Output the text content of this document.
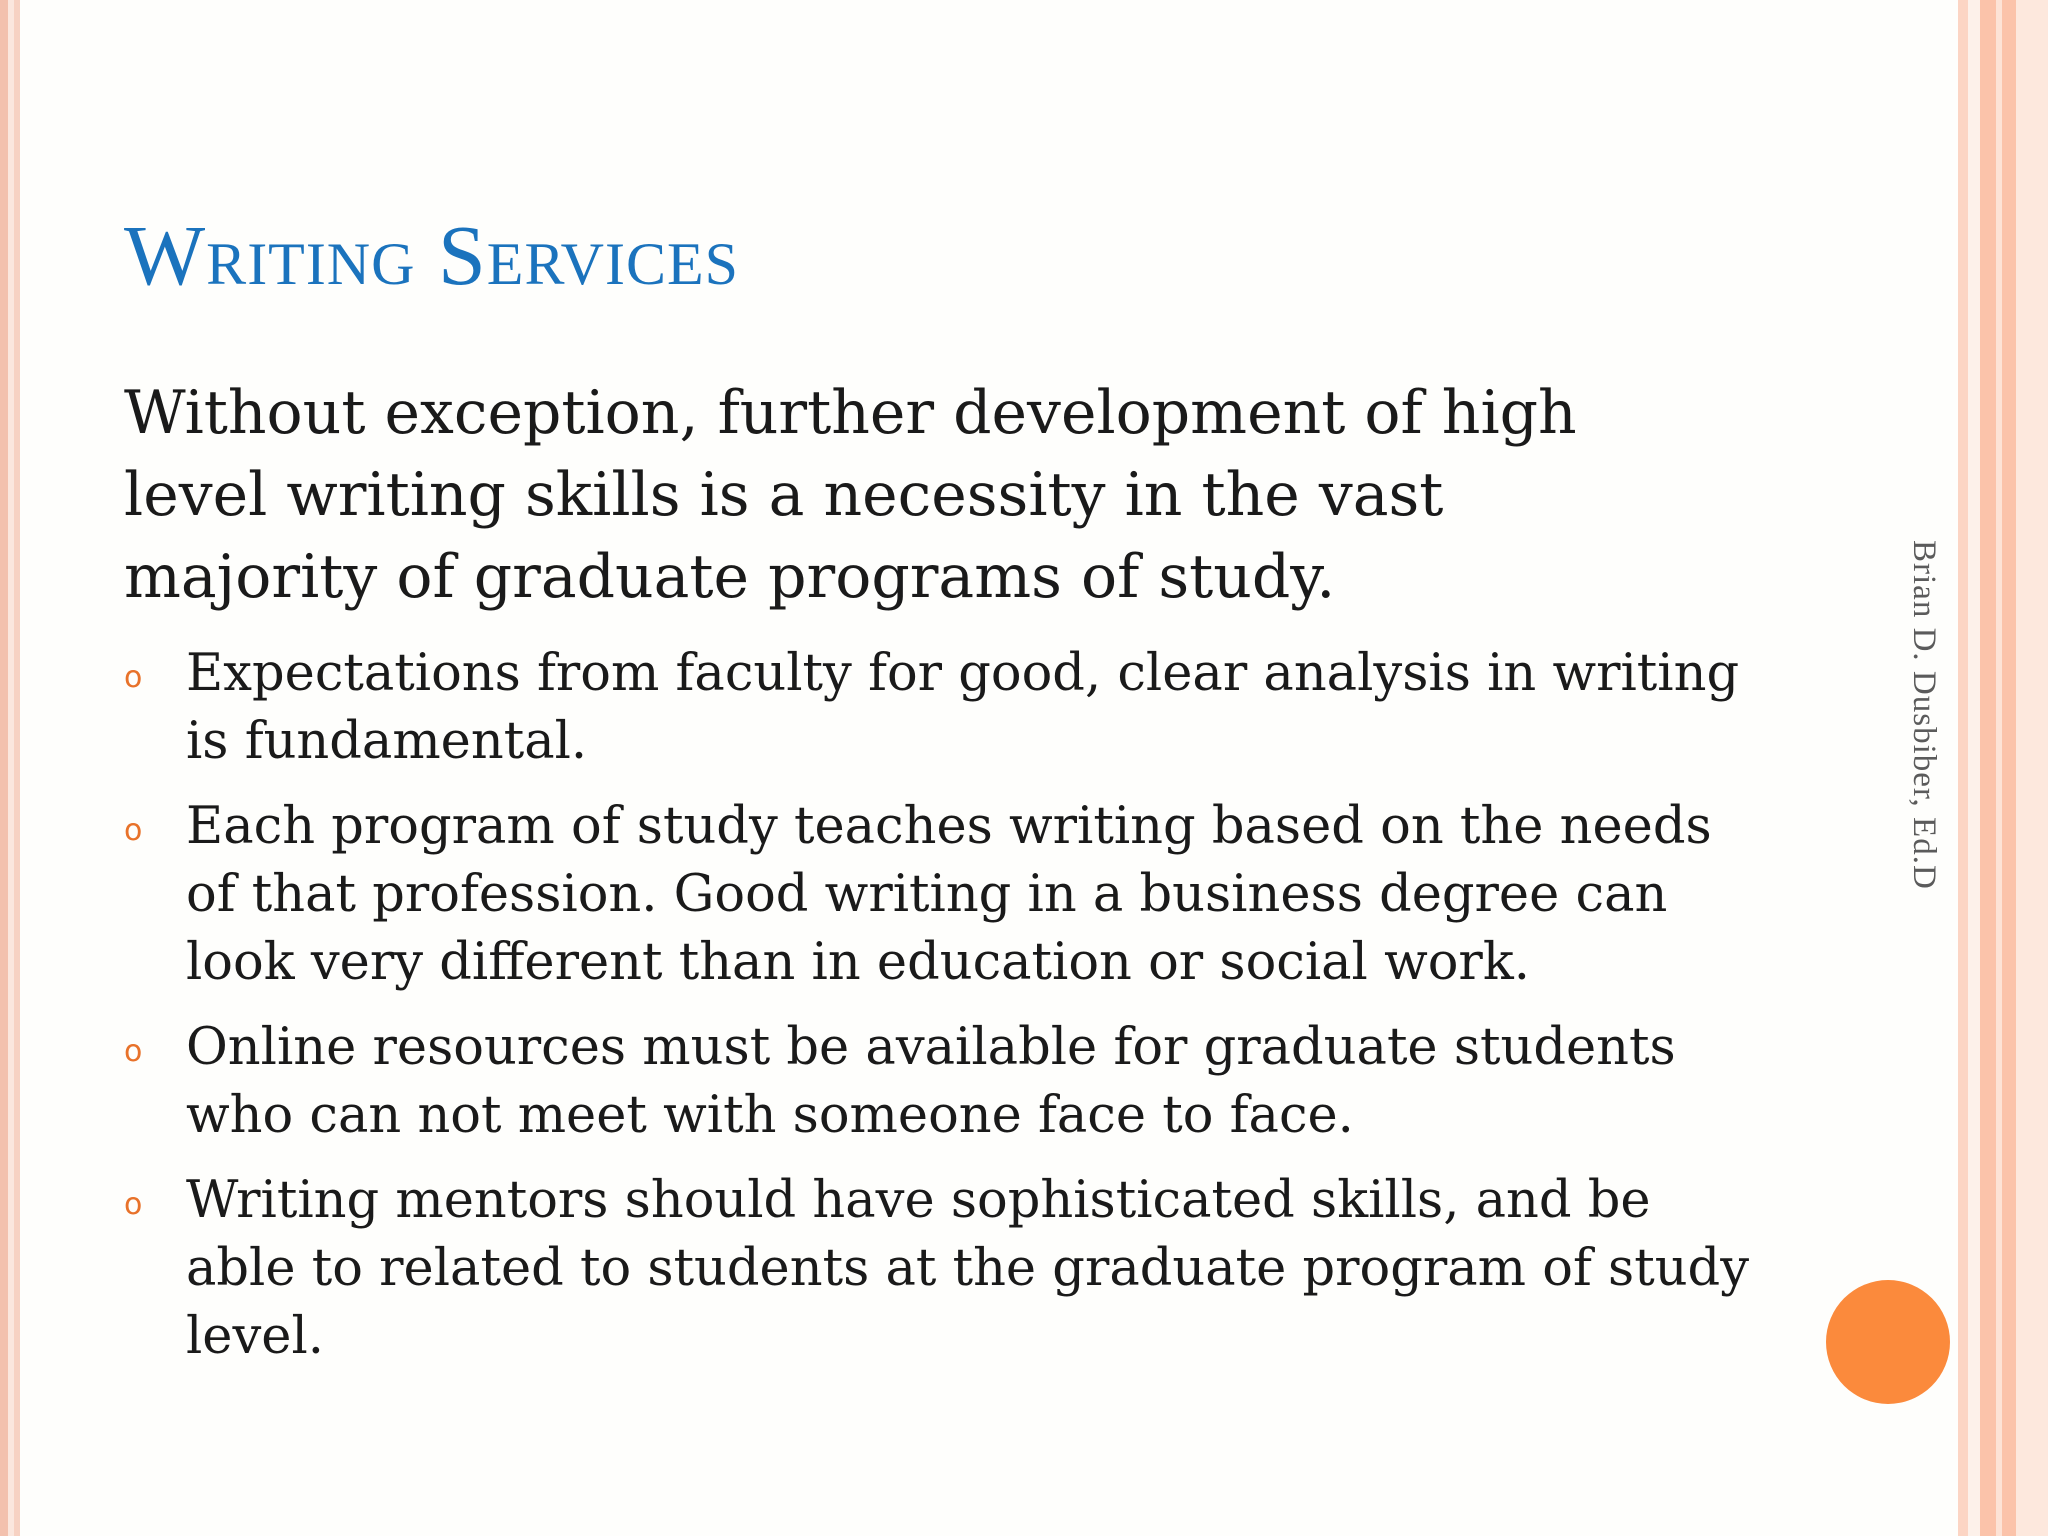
Writing Services

Without exception, further development of high level writing skills is a necessity in the vast majority of graduate programs of study.

o Expectations from faculty for good, clear analysis in writing is fundamental.
o Each program of study teaches writing based on the needs of that profession. Good writing in a business degree can look very different than in education or social work.
o Online resources must be available for graduate students who can not meet with someone face to face.
o Writing mentors should have sophisticated skills, and be able to related to students at the graduate program of study level.

Brian D. Dusbiber, Ed.D
